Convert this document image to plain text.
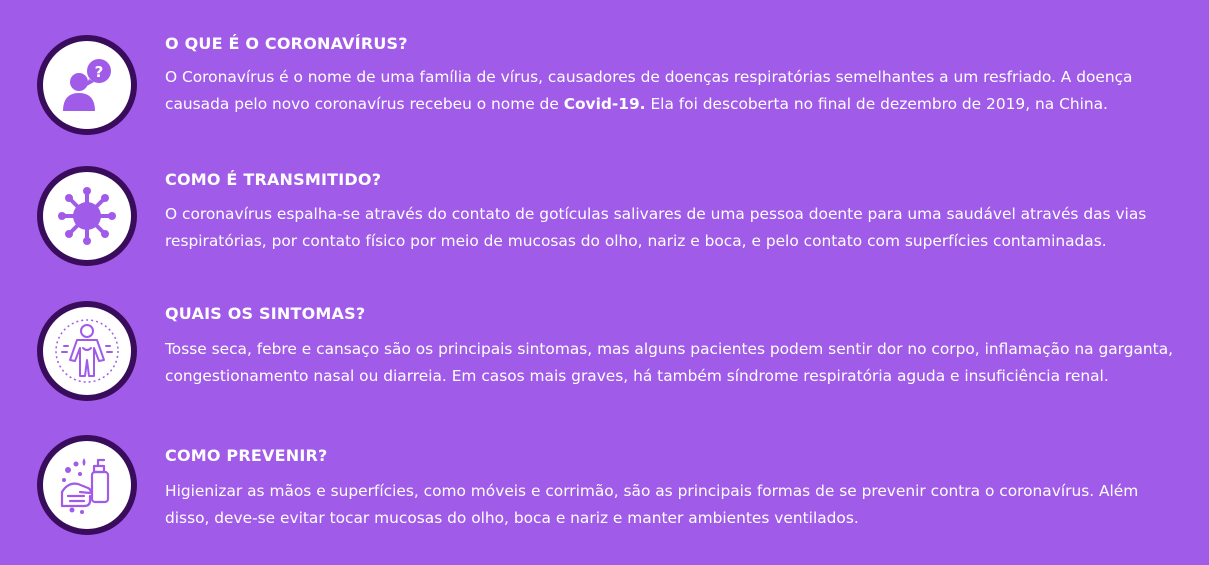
?
O QUE É O CORONAVÍRUS?

O Coronavírus é o nome de uma família de vírus, causadores de doenças respiratórias semelhantes a um resfriado. A doença causada pelo novo coronavírus recebeu o nome de Covid-19. Ela foi descoberta no final de dezembro de 2019, na China.

COMO É TRANSMITIDO?

O coronavírus espalha-se através do contato de gotículas salivares de uma pessoa doente para uma saudável através das vias respiratórias, por contato físico por meio de mucosas do olho, nariz e boca, e pelo contato com superfícies contaminadas.

QUAIS OS SINTOMAS?

Tosse seca, febre e cansaço são os principais sintomas, mas alguns pacientes podem sentir dor no corpo, inflamação na garganta, congestionamento nasal ou diarreia. Em casos mais graves, há também síndrome respiratória aguda e insuficiência renal.

COMO PREVENIR?

Higienizar as mãos e superfícies, como móveis e corrimão, são as principais formas de se prevenir contra o coronavírus. Além disso, deve-se evitar tocar mucosas do olho, boca e nariz e manter ambientes ventilados.
